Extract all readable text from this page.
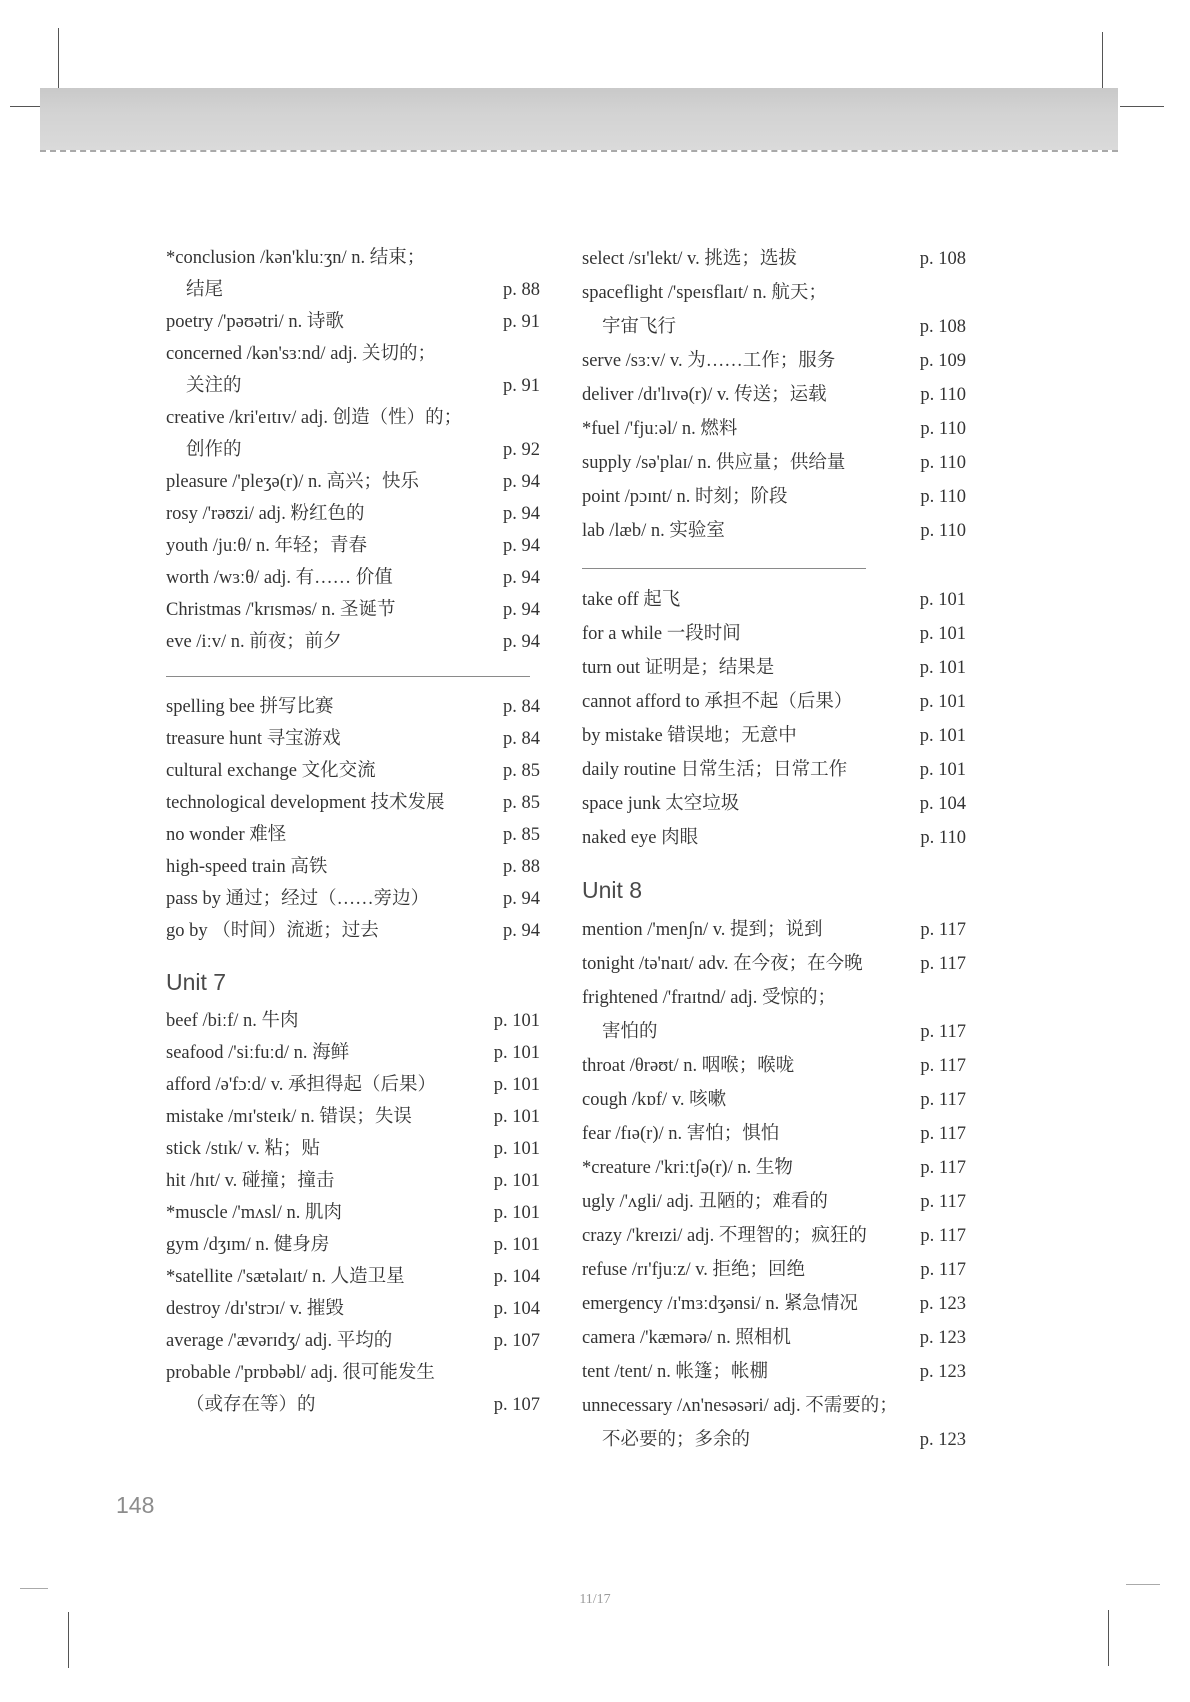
*conclusion /kən'kluːʒn/ n. 结束；
结尾	p. 88
poetry /'pəʊətri/ n. 诗歌	p. 91
concerned /kən'sɜːnd/ adj. 关切的；
关注的	p. 91
creative /kri'eɪtɪv/ adj. 创造（性）的；
创作的	p. 92
pleasure /'pleʒə(r)/ n. 高兴；快乐	p. 94
rosy /'rəʊzi/ adj. 粉红色的	p. 94
youth /juːθ/ n. 年轻；青春	p. 94
worth /wɜːθ/ adj. 有…… 价值	p. 94
Christmas /'krɪsməs/ n. 圣诞节	p. 94
eve /iːv/ n. 前夜；前夕	p. 94
spelling bee 拼写比赛	p. 84
treasure hunt 寻宝游戏	p. 84
cultural exchange 文化交流	p. 85
technological development 技术发展	p. 85
no wonder 难怪	p. 85
high-speed train 高铁	p. 88
pass by 通过；经过（……旁边）	p. 94
go by （时间）流逝；过去	p. 94
Unit 7
beef /biːf/ n. 牛肉	p. 101
seafood /'siːfuːd/ n. 海鲜	p. 101
afford /ə'fɔːd/ v. 承担得起（后果）	p. 101
mistake /mɪ'steɪk/ n. 错误；失误	p. 101
stick /stɪk/ v. 粘；贴	p. 101
hit /hɪt/ v. 碰撞；撞击	p. 101
*muscle /'mʌsl/ n. 肌肉	p. 101
gym /dʒɪm/ n. 健身房	p. 101
*satellite /'sætəlaɪt/ n. 人造卫星	p. 104
destroy /dɪ'strɔɪ/ v. 摧毁	p. 104
average /'ævərɪdʒ/ adj. 平均的	p. 107
probable /'prɒbəbl/ adj. 很可能发生
（或存在等）的	p. 107
select /sɪ'lekt/ v. 挑选；选拔	p. 108
spaceflight /'speɪsflaɪt/ n. 航天；
宇宙飞行	p. 108
serve /sɜːv/ v. 为……工作；服务	p. 109
deliver /dɪ'lɪvə(r)/ v. 传送；运载	p. 110
*fuel /'fjuːəl/ n. 燃料	p. 110
supply /sə'plaɪ/ n. 供应量；供给量	p. 110
point /pɔɪnt/ n. 时刻；阶段	p. 110
lab /læb/ n. 实验室	p. 110
take off 起飞	p. 101
for a while 一段时间	p. 101
turn out 证明是；结果是	p. 101
cannot afford to 承担不起（后果）	p. 101
by mistake 错误地；无意中	p. 101
daily routine 日常生活；日常工作	p. 101
space junk 太空垃圾	p. 104
naked eye 肉眼	p. 110
Unit 8
mention /'menʃn/ v. 提到；说到	p. 117
tonight /tə'naɪt/ adv. 在今夜；在今晚	p. 117
frightened /'fraɪtnd/ adj. 受惊的；
害怕的	p. 117
throat /θrəʊt/ n. 咽喉；喉咙	p. 117
cough /kɒf/ v. 咳嗽	p. 117
fear /fɪə(r)/ n. 害怕；惧怕	p. 117
*creature /'kriːtʃə(r)/ n. 生物	p. 117
ugly /'ʌgli/ adj. 丑陋的；难看的	p. 117
crazy /'kreɪzi/ adj. 不理智的；疯狂的	p. 117
refuse /rɪ'fjuːz/ v. 拒绝；回绝	p. 117
emergency /ɪ'mɜːdʒənsi/ n. 紧急情况	p. 123
camera /'kæmərə/ n. 照相机	p. 123
tent /tent/ n. 帐篷；帐棚	p. 123
unnecessary /ʌn'nesəsəri/ adj. 不需要的；
不必要的；多余的	p. 123
148
11/17
